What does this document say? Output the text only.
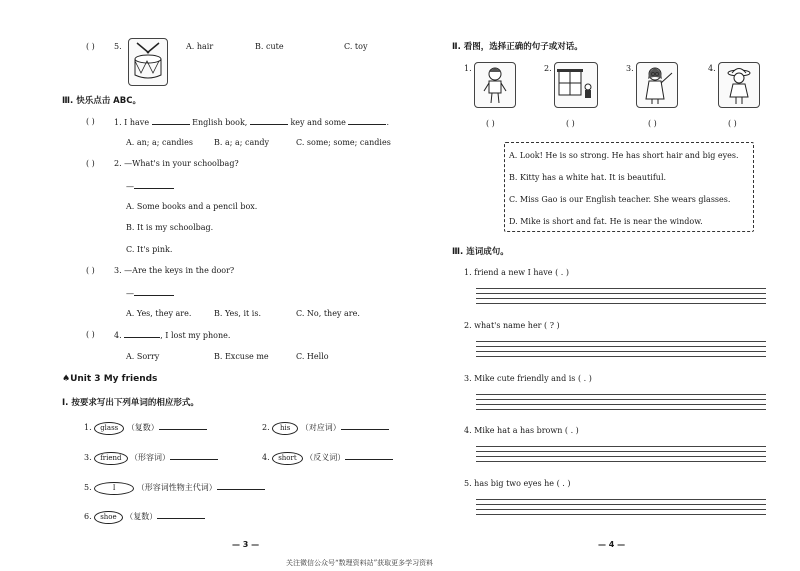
( ) 5.	A. hair	B. cute	C. toy
Ⅲ. 快乐点击 ABC。
( ) 1. I have	English book,	key and some	.
A. an; a; candies	B. a; a; candy	C. some; some; candies
( ) 2. —What's in your schoolbag?
—
A. Some books and a pencil box.
B. It is my schoolbag.
C. It's pink.
( ) 3. —Are the keys in the door?
—
A. Yes, they are.	B. Yes, it is.	C. No, they are.
( ) 4.	, I lost my phone.
A. Sorry	B. Excuse me	C. Hello
♠Unit 3 My friends
Ⅰ. 按要求写出下列单词的相应形式。
1. glass （复数）	2. his （对应词）
3. friend （形容词）	4. short （反义词）
5.	I	（形容词性物主代词）
6. shoe （复数）
— 3 —
Ⅱ. 看图，选择正确的句子或对话。
1.	2.	3.	4.
( )	( )	( )	( )
A. Look! He is so strong. He has short hair and big eyes.
B. Kitty has a white hat. It is beautiful.
C. Miss Gao is our English teacher. She wears glasses.
D. Mike is short and fat. He is near the window.
Ⅲ. 连词成句。
1. friend a new I have ( . )
2. what's name her ( ? )
3. Mike cute friendly and is ( . )
4. Mike hat a has brown ( . )
5. has big two eyes he ( . )
— 4 —
关注微信公众号“数理资料站”获取更多学习资料
